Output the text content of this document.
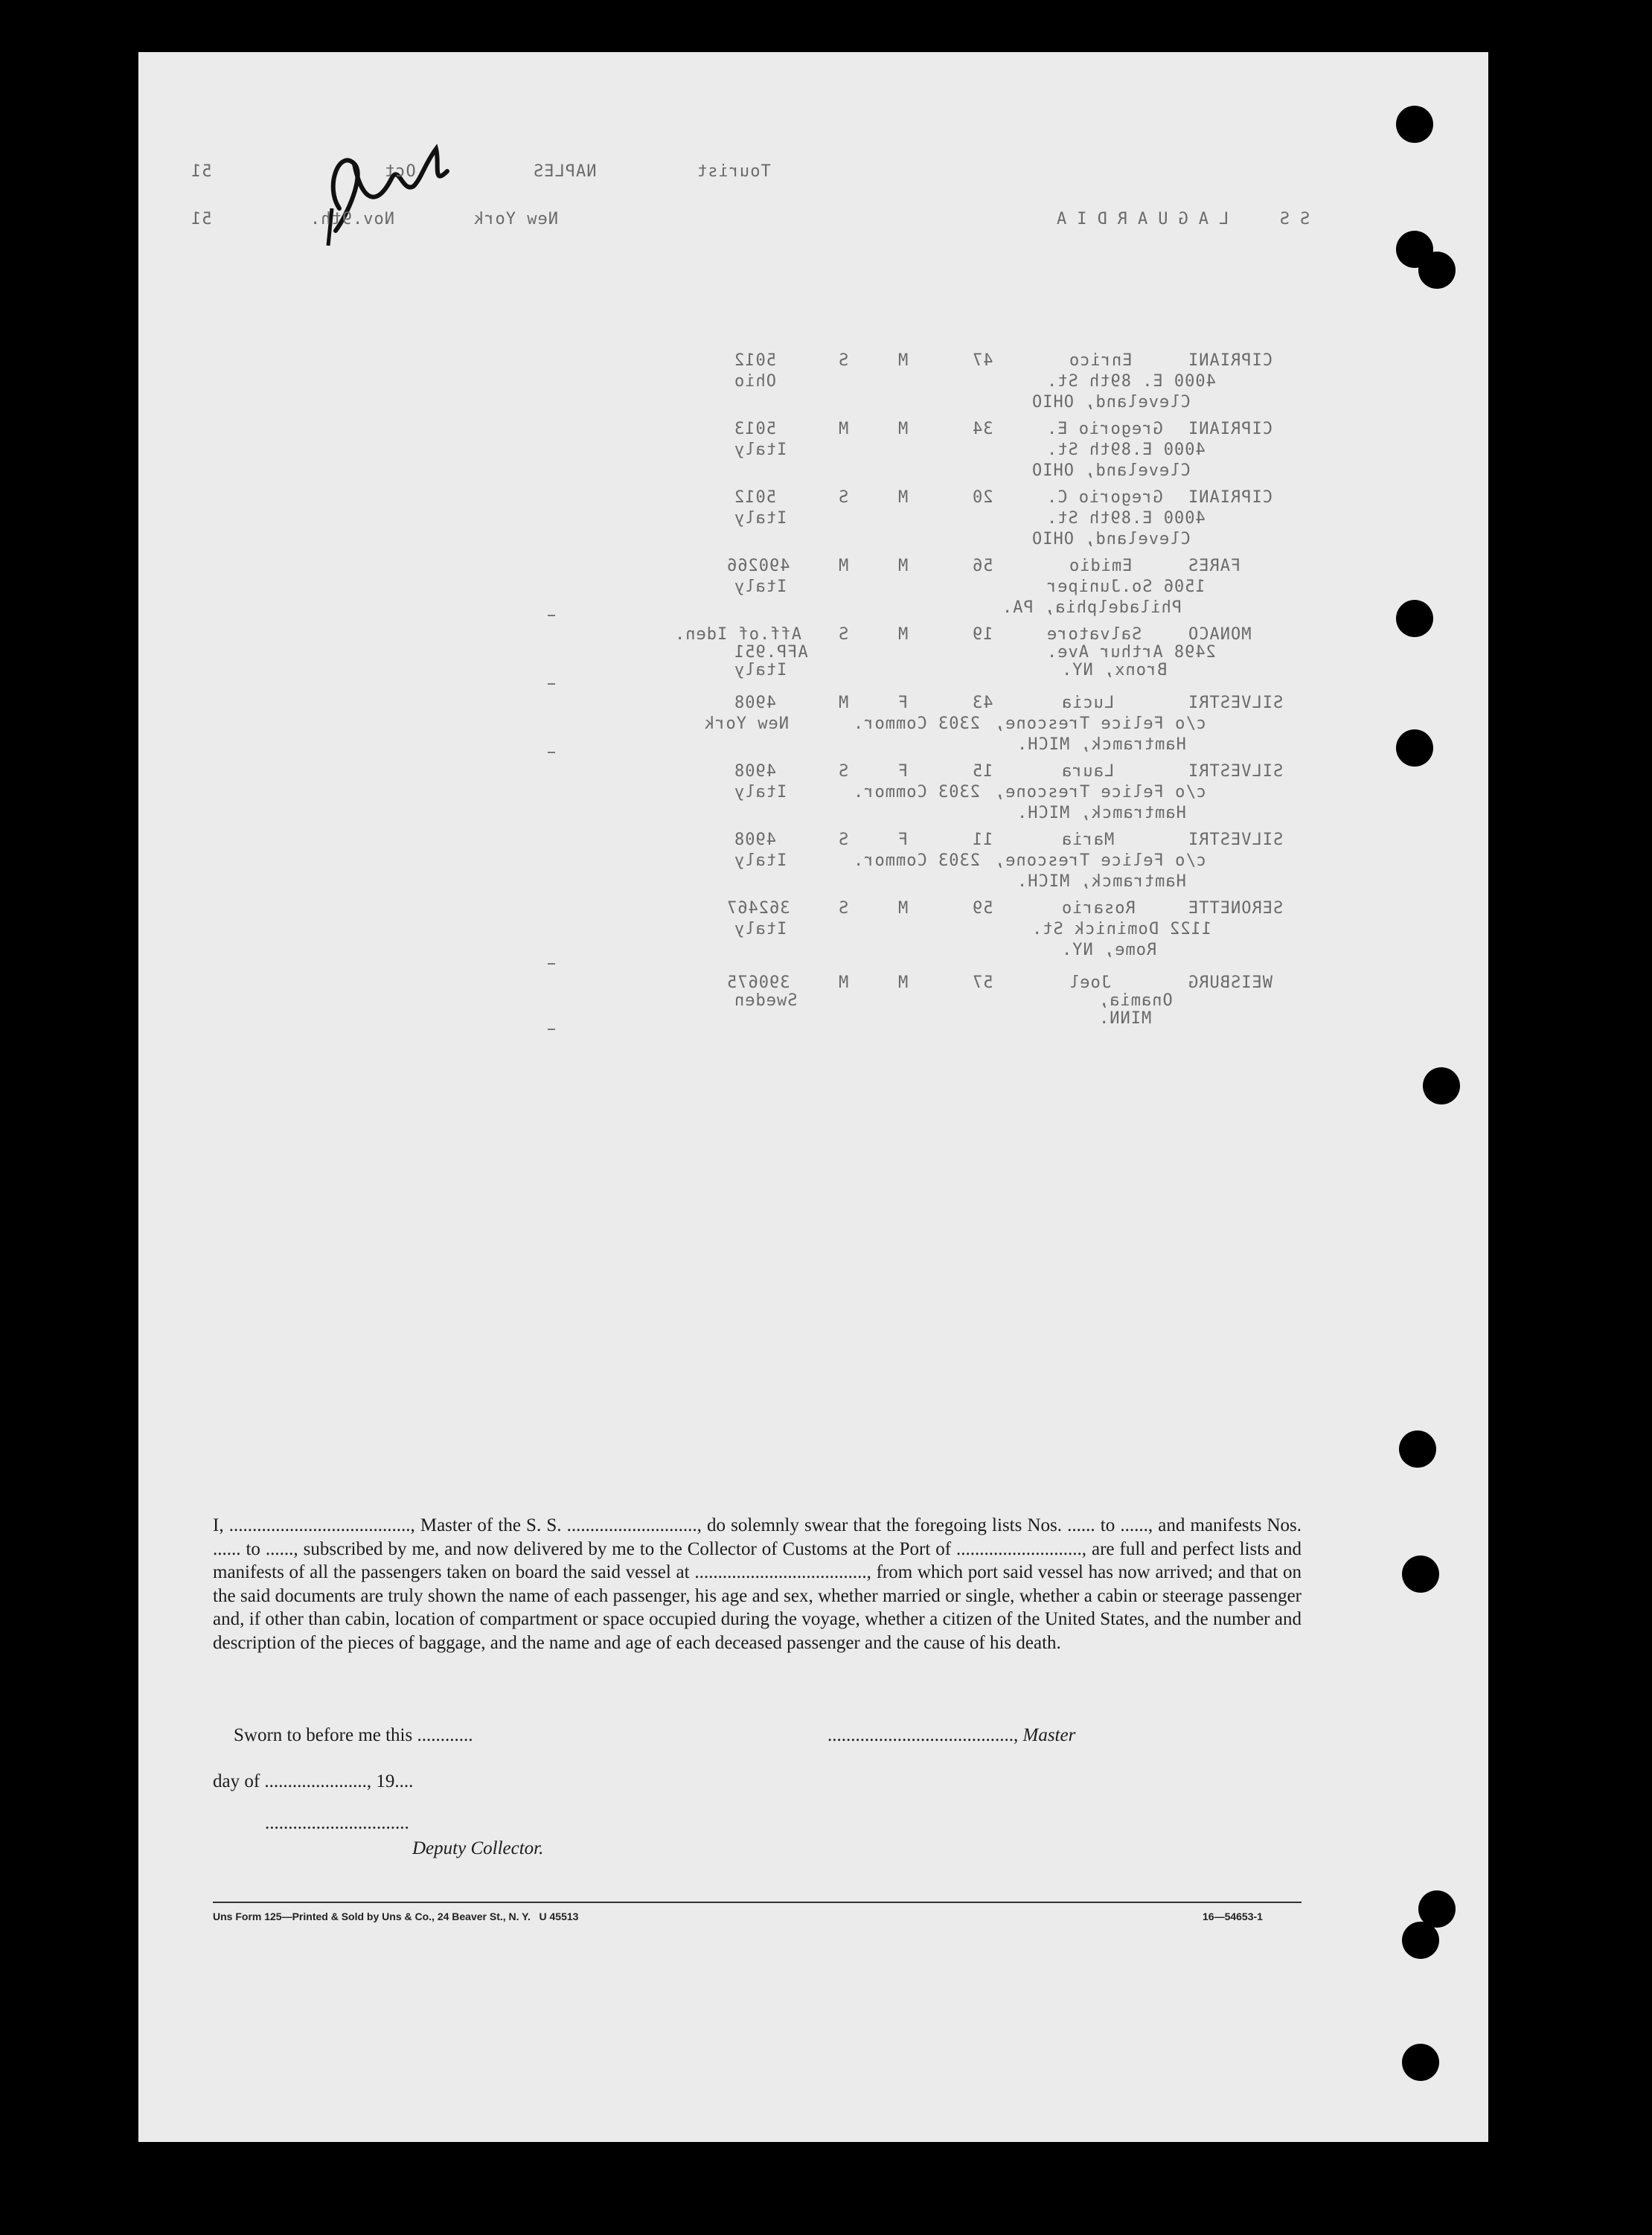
Tourist
NAPLES
Oct
51
SS  LAGUARDIA
New York
Nov.9th.
51
CIPRIANI
Enrico
47
M
S
5012
4000 E. 89th St.
Ohio
Cleveland, OHIO
CIPRIANI
Gregorio E.
34
M
M
5013
4000 E.89th St.
Italy
Cleveland, OHIO
CIPRIANI
Gregorio C.
20
M
S
5012
4000 E.89th St.
Italy
Cleveland, OHIO
FARES
Emidio
56
M
M
490266
1506 So.Juniper
Italy
Philadelphia, PA.
MONACO
Salvatore
19
M
S
Aff.of Iden.
2498 Arthur Ave.
AFP.951
Bronx, NY.
Italy
SILVESTRI
Lucia
43
F
M
4908
c/o Felice Trescone,
2303 Commor.
New York
Hamtramck, MICH.
SILVESTRI
Laura
15
F
S
4908
c/o Felice Trescone,
2303 Commor.
Italy
Hamtramck, MICH.
SILVESTRI
Maria
11
F
S
4908
c/o Felice Trescone,
2303 Commor.
Italy
Hamtramck, MICH.
SERONETTE
Rosario
59
M
S
362467
1122 Dominick St.
Italy
Rome, NY.
WEISBURG
Joel
57
M
M
390675
Onamia,
Sweden
MINN.

I, ......................................., Master of the S. S. ............................, do solemnly swear that the foregoing lists Nos. ...... to ......, and manifests Nos. ...... to ......, subscribed by me, and now delivered by me to the Collector of Customs at the Port of ..........................., are full and perfect lists and manifests of all the passengers taken on board the said vessel at ....................................., from which port said vessel has now arrived; and that on the said documents are truly shown the name of each passenger, his age and sex, whether married or single, whether a cabin or steerage passenger and, if other than cabin, location of compartment or space occupied during the voyage, whether a citizen of the United States, and the number and description of the pieces of baggage, and the name and age of each deceased passenger and the cause of his death.

Sworn to before me this ............	........................................, Master
day of ......................, 19....
...............................
Deputy Collector.
Uns Form 125—Printed & Sold by Uns & Co., 24 Beaver St., N. Y.   U 45513	16—54653-1
